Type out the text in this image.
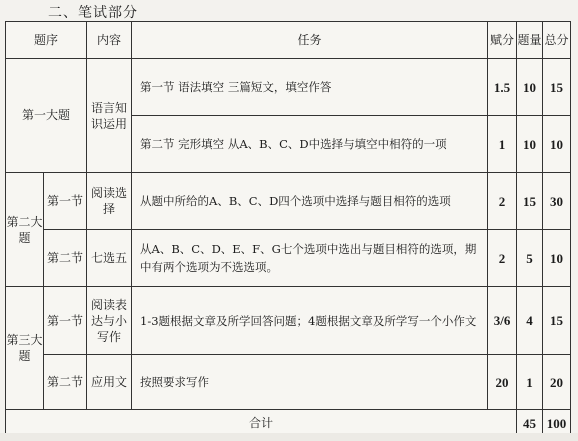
二、笔试部分
题序		内容	任务	赋分	题量	总分
第一大题		语言知识运用	第一节 语法填空 三篇短文，填空作答	1.5	10	15
			第二节 完形填空 从A、B、C、D中选择与填空中相符的一项	1	10	10
第二大题	第一节	阅读选择	从题中所给的A、B、C、D四个选项中选择与题目相符的选项	2	15	30
	第二节	七选五	从A、B、C、D、E、F、G七个选项中选出与题目相符的选项，期中有两个选项为不选选项。	2	5	10
第三大题	第一节	阅读表达与小写作	1-3题根据文章及所学回答问题；4题根据文章及所学写一个小作文	3/6	4	15
	第二节	应用文	按照要求写作	20	1	20
合计					45	100
